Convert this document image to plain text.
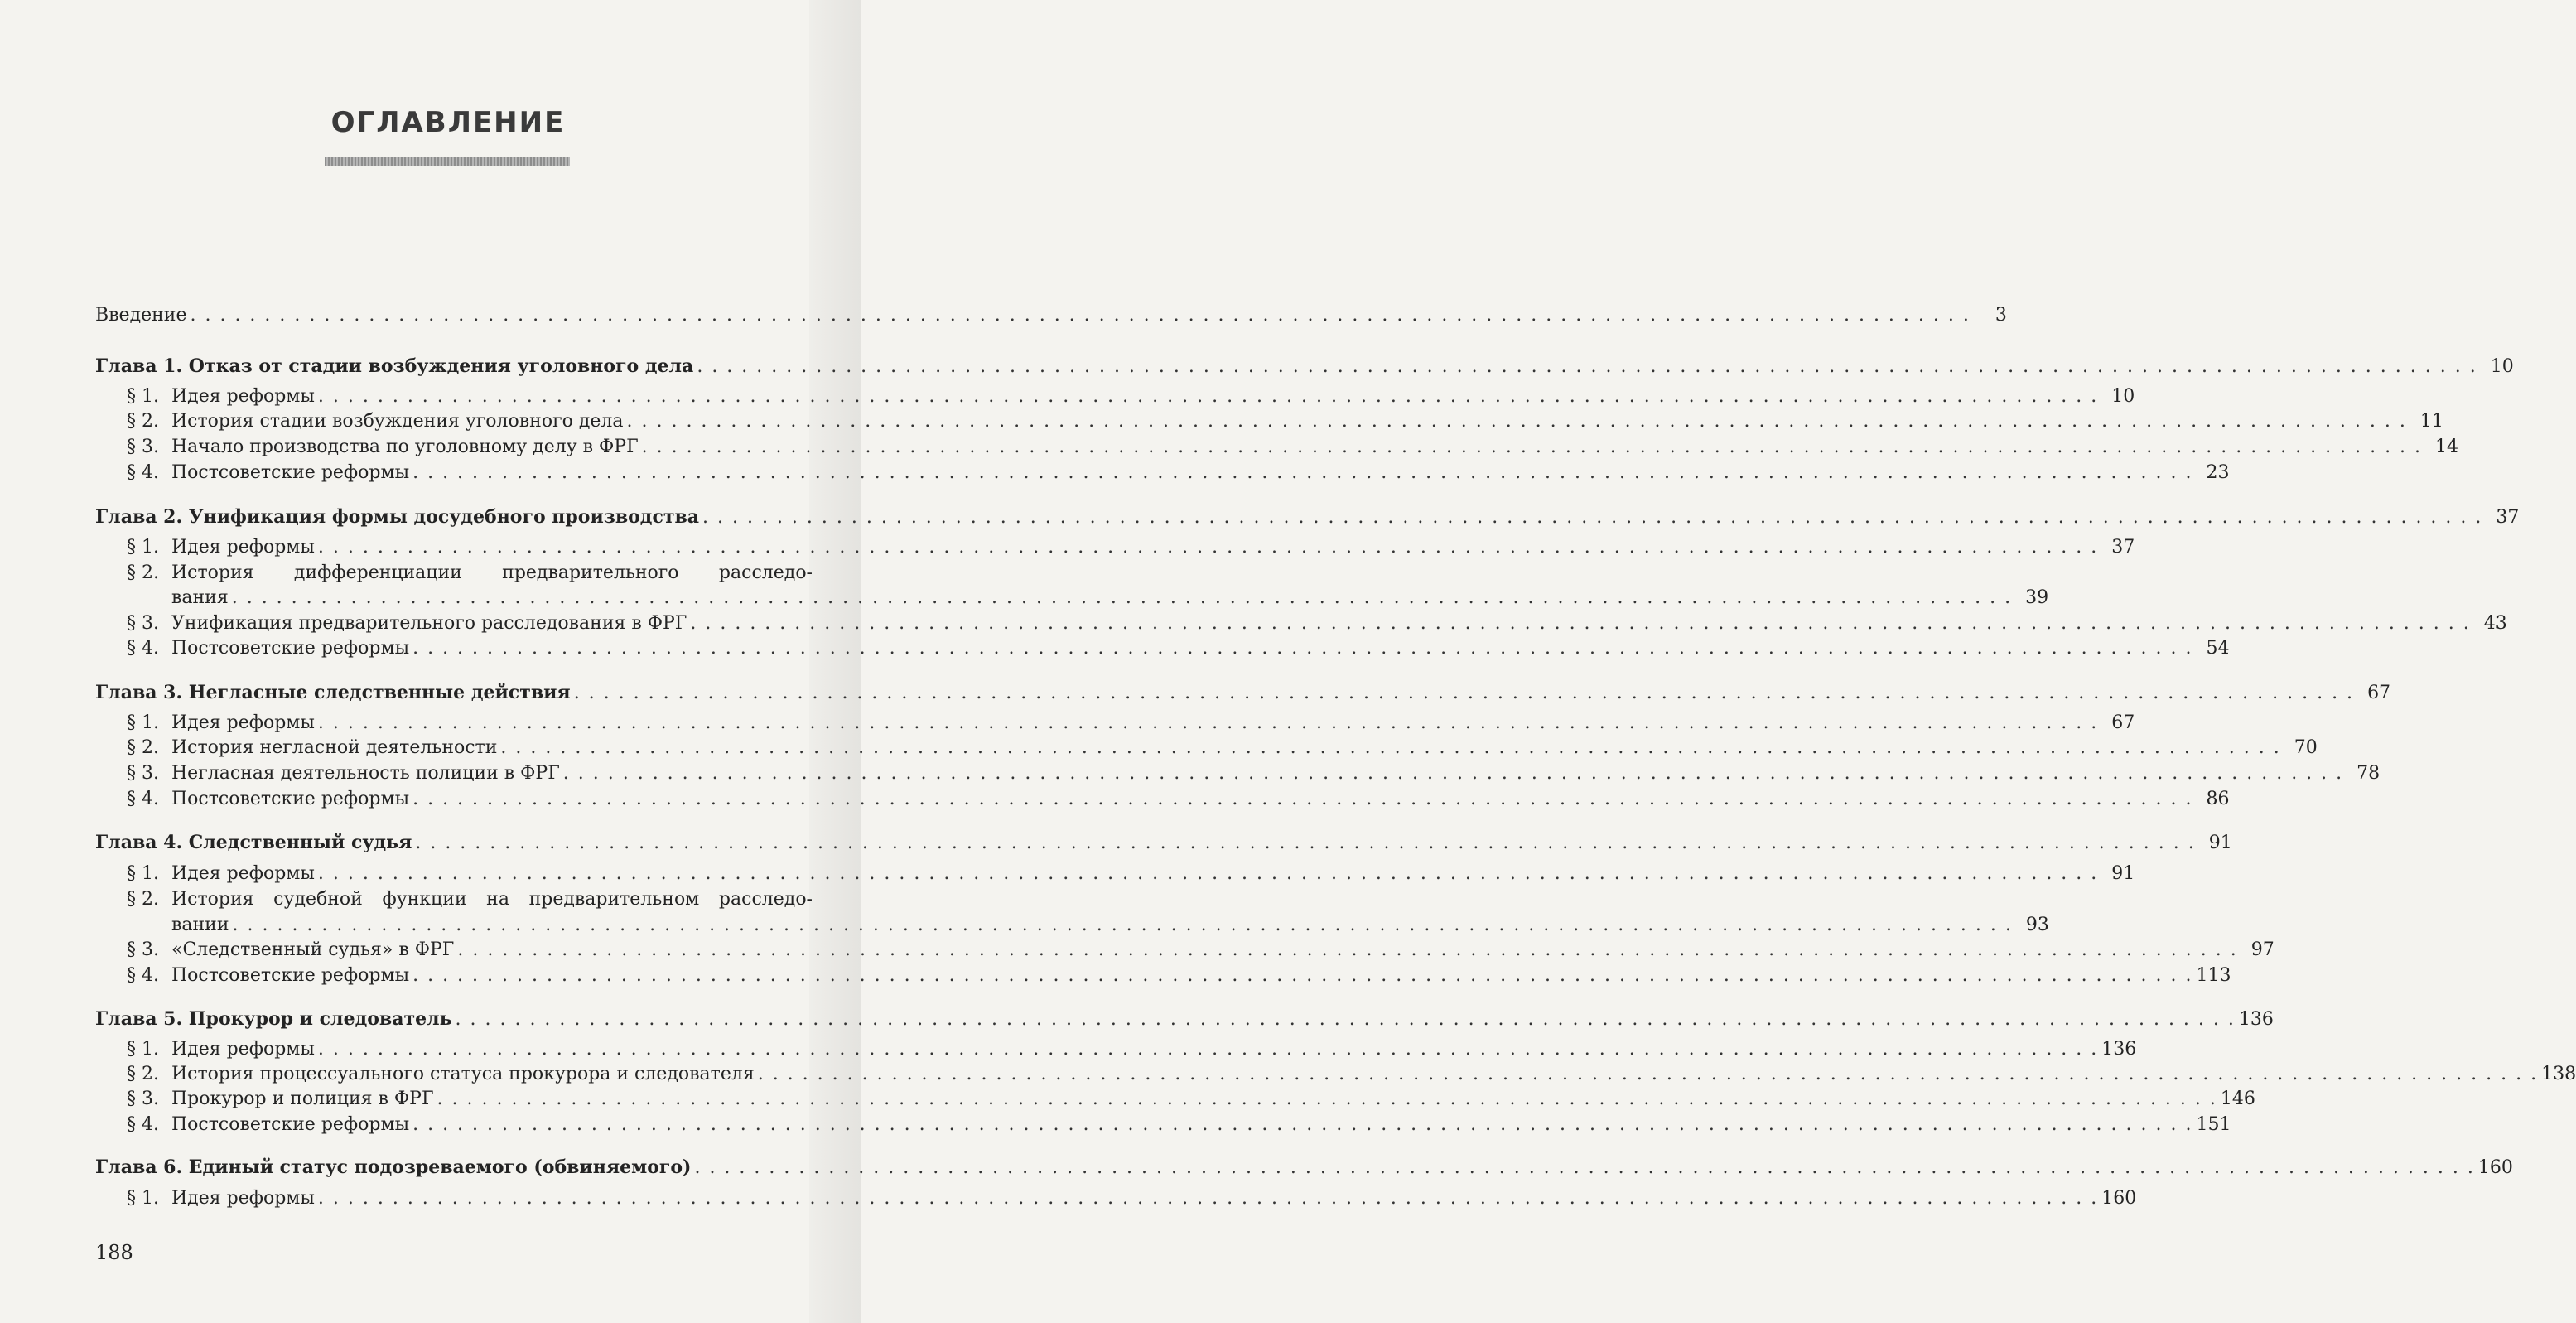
ОГЛАВЛЕНИЕ
Введение . . . . . . . . . . . . . . . . . . . . . . . . . . . . . . . . . . . . . . . . . . . . . . . . . . . . . . . . . . . . . . . . . . . . . . . . . . . . . . . . . . . . . . . . . . . . . . . . . . . . . . . . . . . . . . . . . . . . . . . .	3
Глава 1. Отказ от стадии возбуждения уголовного дела . . . . . . . . . . . . . . . . . . . . . . . . . . . . . . . . . . . . . . . . . . . . . . . . . . . . . . . . . . . . . . . . . . . . . . . . . . . . . . . . . . . . . . . . . . . . . . . . . . . . . . . . . . . . . . . . . . . . . . . . 10
§ 1. Идея реформы . . . . . . . . . . . . . . . . . . . . . . . . . . . . . . . . . . . . . . . . . . . . . . . . . . . . . . . . . . . . . . . . . . . . . . . . . . . . . . . . . . . . . . . . . . . . . . . . . . . . . . . . . . . . . . . . . . . . . . . . 10
§ 2. История стадии возбуждения уголовного дела . . . . . . . . . . . . . . . . . . . . . . . . . . . . . . . . . . . . . . . . . . . . . . . . . . . . . . . . . . . . . . . . . . . . . . . . . . . . . . . . . . . . . . . . . . . . . . . . . . . . . . . . . . . . . . . . . . . . . . . . 11
§ 3. Начало производства по уголовному делу в ФРГ . . . . . . . . . . . . . . . . . . . . . . . . . . . . . . . . . . . . . . . . . . . . . . . . . . . . . . . . . . . . . . . . . . . . . . . . . . . . . . . . . . . . . . . . . . . . . . . . . . . . . . . . . . . . . . . . . . . . . . . . 14
§ 4. Постсоветские реформы . . . . . . . . . . . . . . . . . . . . . . . . . . . . . . . . . . . . . . . . . . . . . . . . . . . . . . . . . . . . . . . . . . . . . . . . . . . . . . . . . . . . . . . . . . . . . . . . . . . . . . . . . . . . . . . . . . . . . . . . 23
Глава 2. Унификация формы досудебного производства . . . . . . . . . . . . . . . . . . . . . . . . . . . . . . . . . . . . . . . . . . . . . . . . . . . . . . . . . . . . . . . . . . . . . . . . . . . . . . . . . . . . . . . . . . . . . . . . . . . . . . . . . . . . . . . . . . . . . . . . 37
§ 1. Идея реформы . . . . . . . . . . . . . . . . . . . . . . . . . . . . . . . . . . . . . . . . . . . . . . . . . . . . . . . . . . . . . . . . . . . . . . . . . . . . . . . . . . . . . . . . . . . . . . . . . . . . . . . . . . . . . . . . . . . . . . . . 37
§ 2. История дифференциации предварительного расследо-
вания . . . . . . . . . . . . . . . . . . . . . . . . . . . . . . . . . . . . . . . . . . . . . . . . . . . . . . . . . . . . . . . . . . . . . . . . . . . . . . . . . . . . . . . . . . . . . . . . . . . . . . . . . . . . . . . . . . . . . . . . 39
§ 3. Унификация предварительного расследования в ФРГ . . . . . . . . . . . . . . . . . . . . . . . . . . . . . . . . . . . . . . . . . . . . . . . . . . . . . . . . . . . . . . . . . . . . . . . . . . . . . . . . . . . . . . . . . . . . . . . . . . . . . . . . . . . . . . . . . . . . . . . . 43
§ 4. Постсоветские реформы . . . . . . . . . . . . . . . . . . . . . . . . . . . . . . . . . . . . . . . . . . . . . . . . . . . . . . . . . . . . . . . . . . . . . . . . . . . . . . . . . . . . . . . . . . . . . . . . . . . . . . . . . . . . . . . . . . . . . . . . 54
Глава 3. Негласные следственные действия . . . . . . . . . . . . . . . . . . . . . . . . . . . . . . . . . . . . . . . . . . . . . . . . . . . . . . . . . . . . . . . . . . . . . . . . . . . . . . . . . . . . . . . . . . . . . . . . . . . . . . . . . . . . . . . . . . . . . . . . 67
§ 1. Идея реформы . . . . . . . . . . . . . . . . . . . . . . . . . . . . . . . . . . . . . . . . . . . . . . . . . . . . . . . . . . . . . . . . . . . . . . . . . . . . . . . . . . . . . . . . . . . . . . . . . . . . . . . . . . . . . . . . . . . . . . . . 67
§ 2. История негласной деятельности . . . . . . . . . . . . . . . . . . . . . . . . . . . . . . . . . . . . . . . . . . . . . . . . . . . . . . . . . . . . . . . . . . . . . . . . . . . . . . . . . . . . . . . . . . . . . . . . . . . . . . . . . . . . . . . . . . . . . . . . 70
§ 3. Негласная деятельность полиции в ФРГ . . . . . . . . . . . . . . . . . . . . . . . . . . . . . . . . . . . . . . . . . . . . . . . . . . . . . . . . . . . . . . . . . . . . . . . . . . . . . . . . . . . . . . . . . . . . . . . . . . . . . . . . . . . . . . . . . . . . . . . . 78
§ 4. Постсоветские реформы . . . . . . . . . . . . . . . . . . . . . . . . . . . . . . . . . . . . . . . . . . . . . . . . . . . . . . . . . . . . . . . . . . . . . . . . . . . . . . . . . . . . . . . . . . . . . . . . . . . . . . . . . . . . . . . . . . . . . . . . 86
Глава 4. Следственный судья . . . . . . . . . . . . . . . . . . . . . . . . . . . . . . . . . . . . . . . . . . . . . . . . . . . . . . . . . . . . . . . . . . . . . . . . . . . . . . . . . . . . . . . . . . . . . . . . . . . . . . . . . . . . . . . . . . . . . . . . 91
§ 1. Идея реформы . . . . . . . . . . . . . . . . . . . . . . . . . . . . . . . . . . . . . . . . . . . . . . . . . . . . . . . . . . . . . . . . . . . . . . . . . . . . . . . . . . . . . . . . . . . . . . . . . . . . . . . . . . . . . . . . . . . . . . . . 91
§ 2. История судебной функции на предварительном расследо-
вании . . . . . . . . . . . . . . . . . . . . . . . . . . . . . . . . . . . . . . . . . . . . . . . . . . . . . . . . . . . . . . . . . . . . . . . . . . . . . . . . . . . . . . . . . . . . . . . . . . . . . . . . . . . . . . . . . . . . . . . . 93
§ 3. «Следственный судья» в ФРГ . . . . . . . . . . . . . . . . . . . . . . . . . . . . . . . . . . . . . . . . . . . . . . . . . . . . . . . . . . . . . . . . . . . . . . . . . . . . . . . . . . . . . . . . . . . . . . . . . . . . . . . . . . . . . . . . . . . . . . . . 97
§ 4. Постсоветские реформы . . . . . . . . . . . . . . . . . . . . . . . . . . . . . . . . . . . . . . . . . . . . . . . . . . . . . . . . . . . . . . . . . . . . . . . . . . . . . . . . . . . . . . . . . . . . . . . . . . . . . . . . . . . . . . . . . . . . . . . . 113
Глава 5. Прокурор и следователь . . . . . . . . . . . . . . . . . . . . . . . . . . . . . . . . . . . . . . . . . . . . . . . . . . . . . . . . . . . . . . . . . . . . . . . . . . . . . . . . . . . . . . . . . . . . . . . . . . . . . . . . . . . . . . . . . . . . . . . . 136
§ 1. Идея реформы . . . . . . . . . . . . . . . . . . . . . . . . . . . . . . . . . . . . . . . . . . . . . . . . . . . . . . . . . . . . . . . . . . . . . . . . . . . . . . . . . . . . . . . . . . . . . . . . . . . . . . . . . . . . . . . . . . . . . . . . 136
§ 2. История процессуального статуса прокурора и следователя . . . . . . . . . . . . . . . . . . . . . . . . . . . . . . . . . . . . . . . . . . . . . . . . . . . . . . . . . . . . . . . . . . . . . . . . . . . . . . . . . . . . . . . . . . . . . . . . . . . . . . . . . . . . . . . . . . . . . . . . 138
§ 3. Прокурор и полиция в ФРГ . . . . . . . . . . . . . . . . . . . . . . . . . . . . . . . . . . . . . . . . . . . . . . . . . . . . . . . . . . . . . . . . . . . . . . . . . . . . . . . . . . . . . . . . . . . . . . . . . . . . . . . . . . . . . . . . . . . . . . . . 146
§ 4. Постсоветские реформы . . . . . . . . . . . . . . . . . . . . . . . . . . . . . . . . . . . . . . . . . . . . . . . . . . . . . . . . . . . . . . . . . . . . . . . . . . . . . . . . . . . . . . . . . . . . . . . . . . . . . . . . . . . . . . . . . . . . . . . . 151
Глава 6. Единый статус подозреваемого (обвиняемого) . . . . . . . . . . . . . . . . . . . . . . . . . . . . . . . . . . . . . . . . . . . . . . . . . . . . . . . . . . . . . . . . . . . . . . . . . . . . . . . . . . . . . . . . . . . . . . . . . . . . . . . . . . . . . . . . . . . . . . . . 160
§ 1. Идея реформы . . . . . . . . . . . . . . . . . . . . . . . . . . . . . . . . . . . . . . . . . . . . . . . . . . . . . . . . . . . . . . . . . . . . . . . . . . . . . . . . . . . . . . . . . . . . . . . . . . . . . . . . . . . . . . . . . . . . . . . . 160
188
